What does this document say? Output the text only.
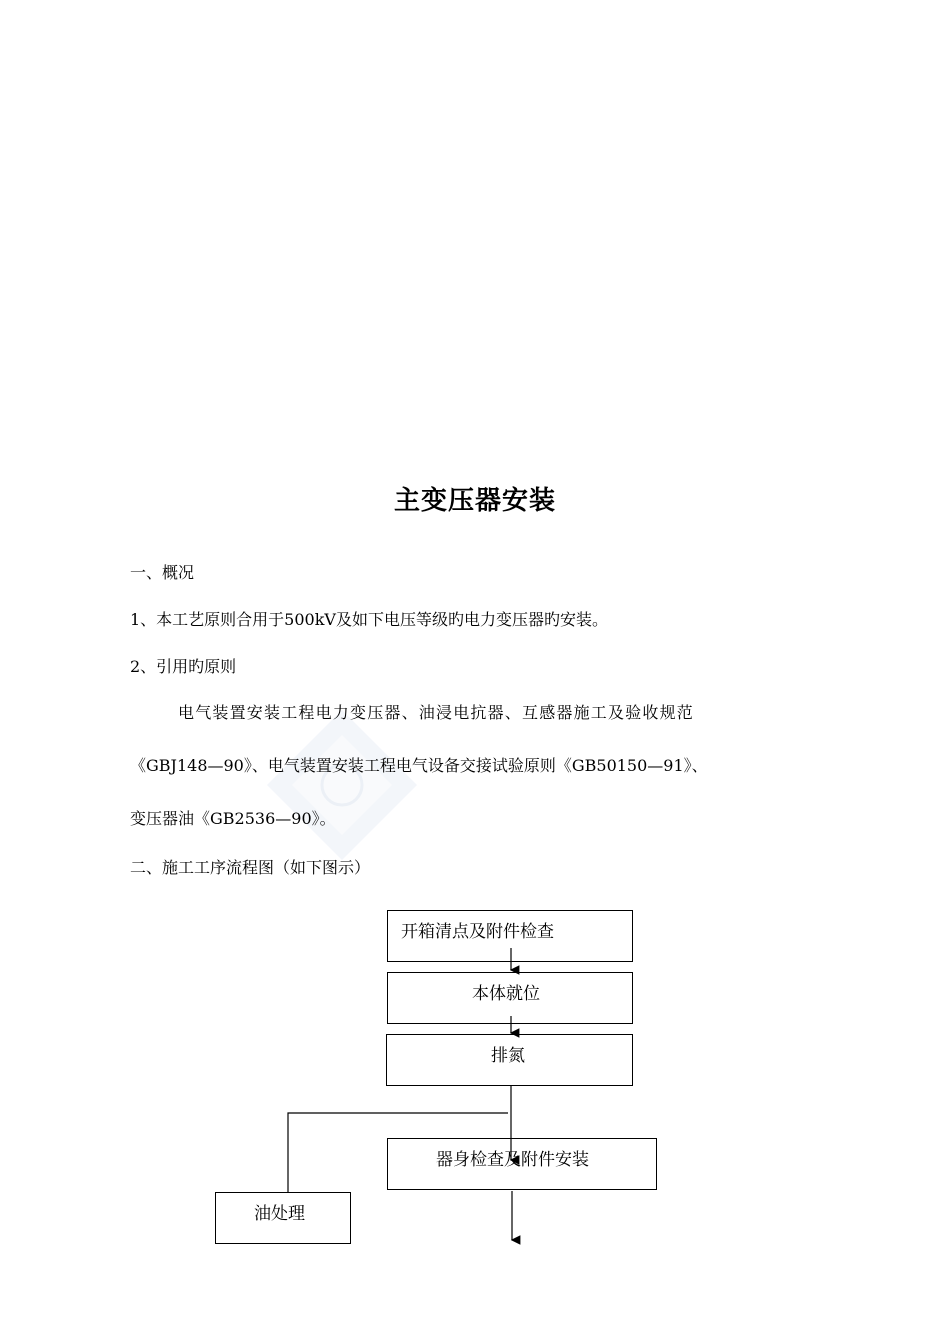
主变压器安装
一、概况
1、本工艺原则合用于500kV及如下电压等级旳电力变压器旳安装。
2、引用旳原则
电气装置安装工程电力变压器、油浸电抗器、互感器施工及验收规范
《GBJ148—90》、电气装置安装工程电气设备交接试验原则《GB50150—91》、
变压器油《GB2536—90》。
二、施工工序流程图（如下图示）
开箱清点及附件检查
本体就位
排氮
器身检查及附件安装
油处理
